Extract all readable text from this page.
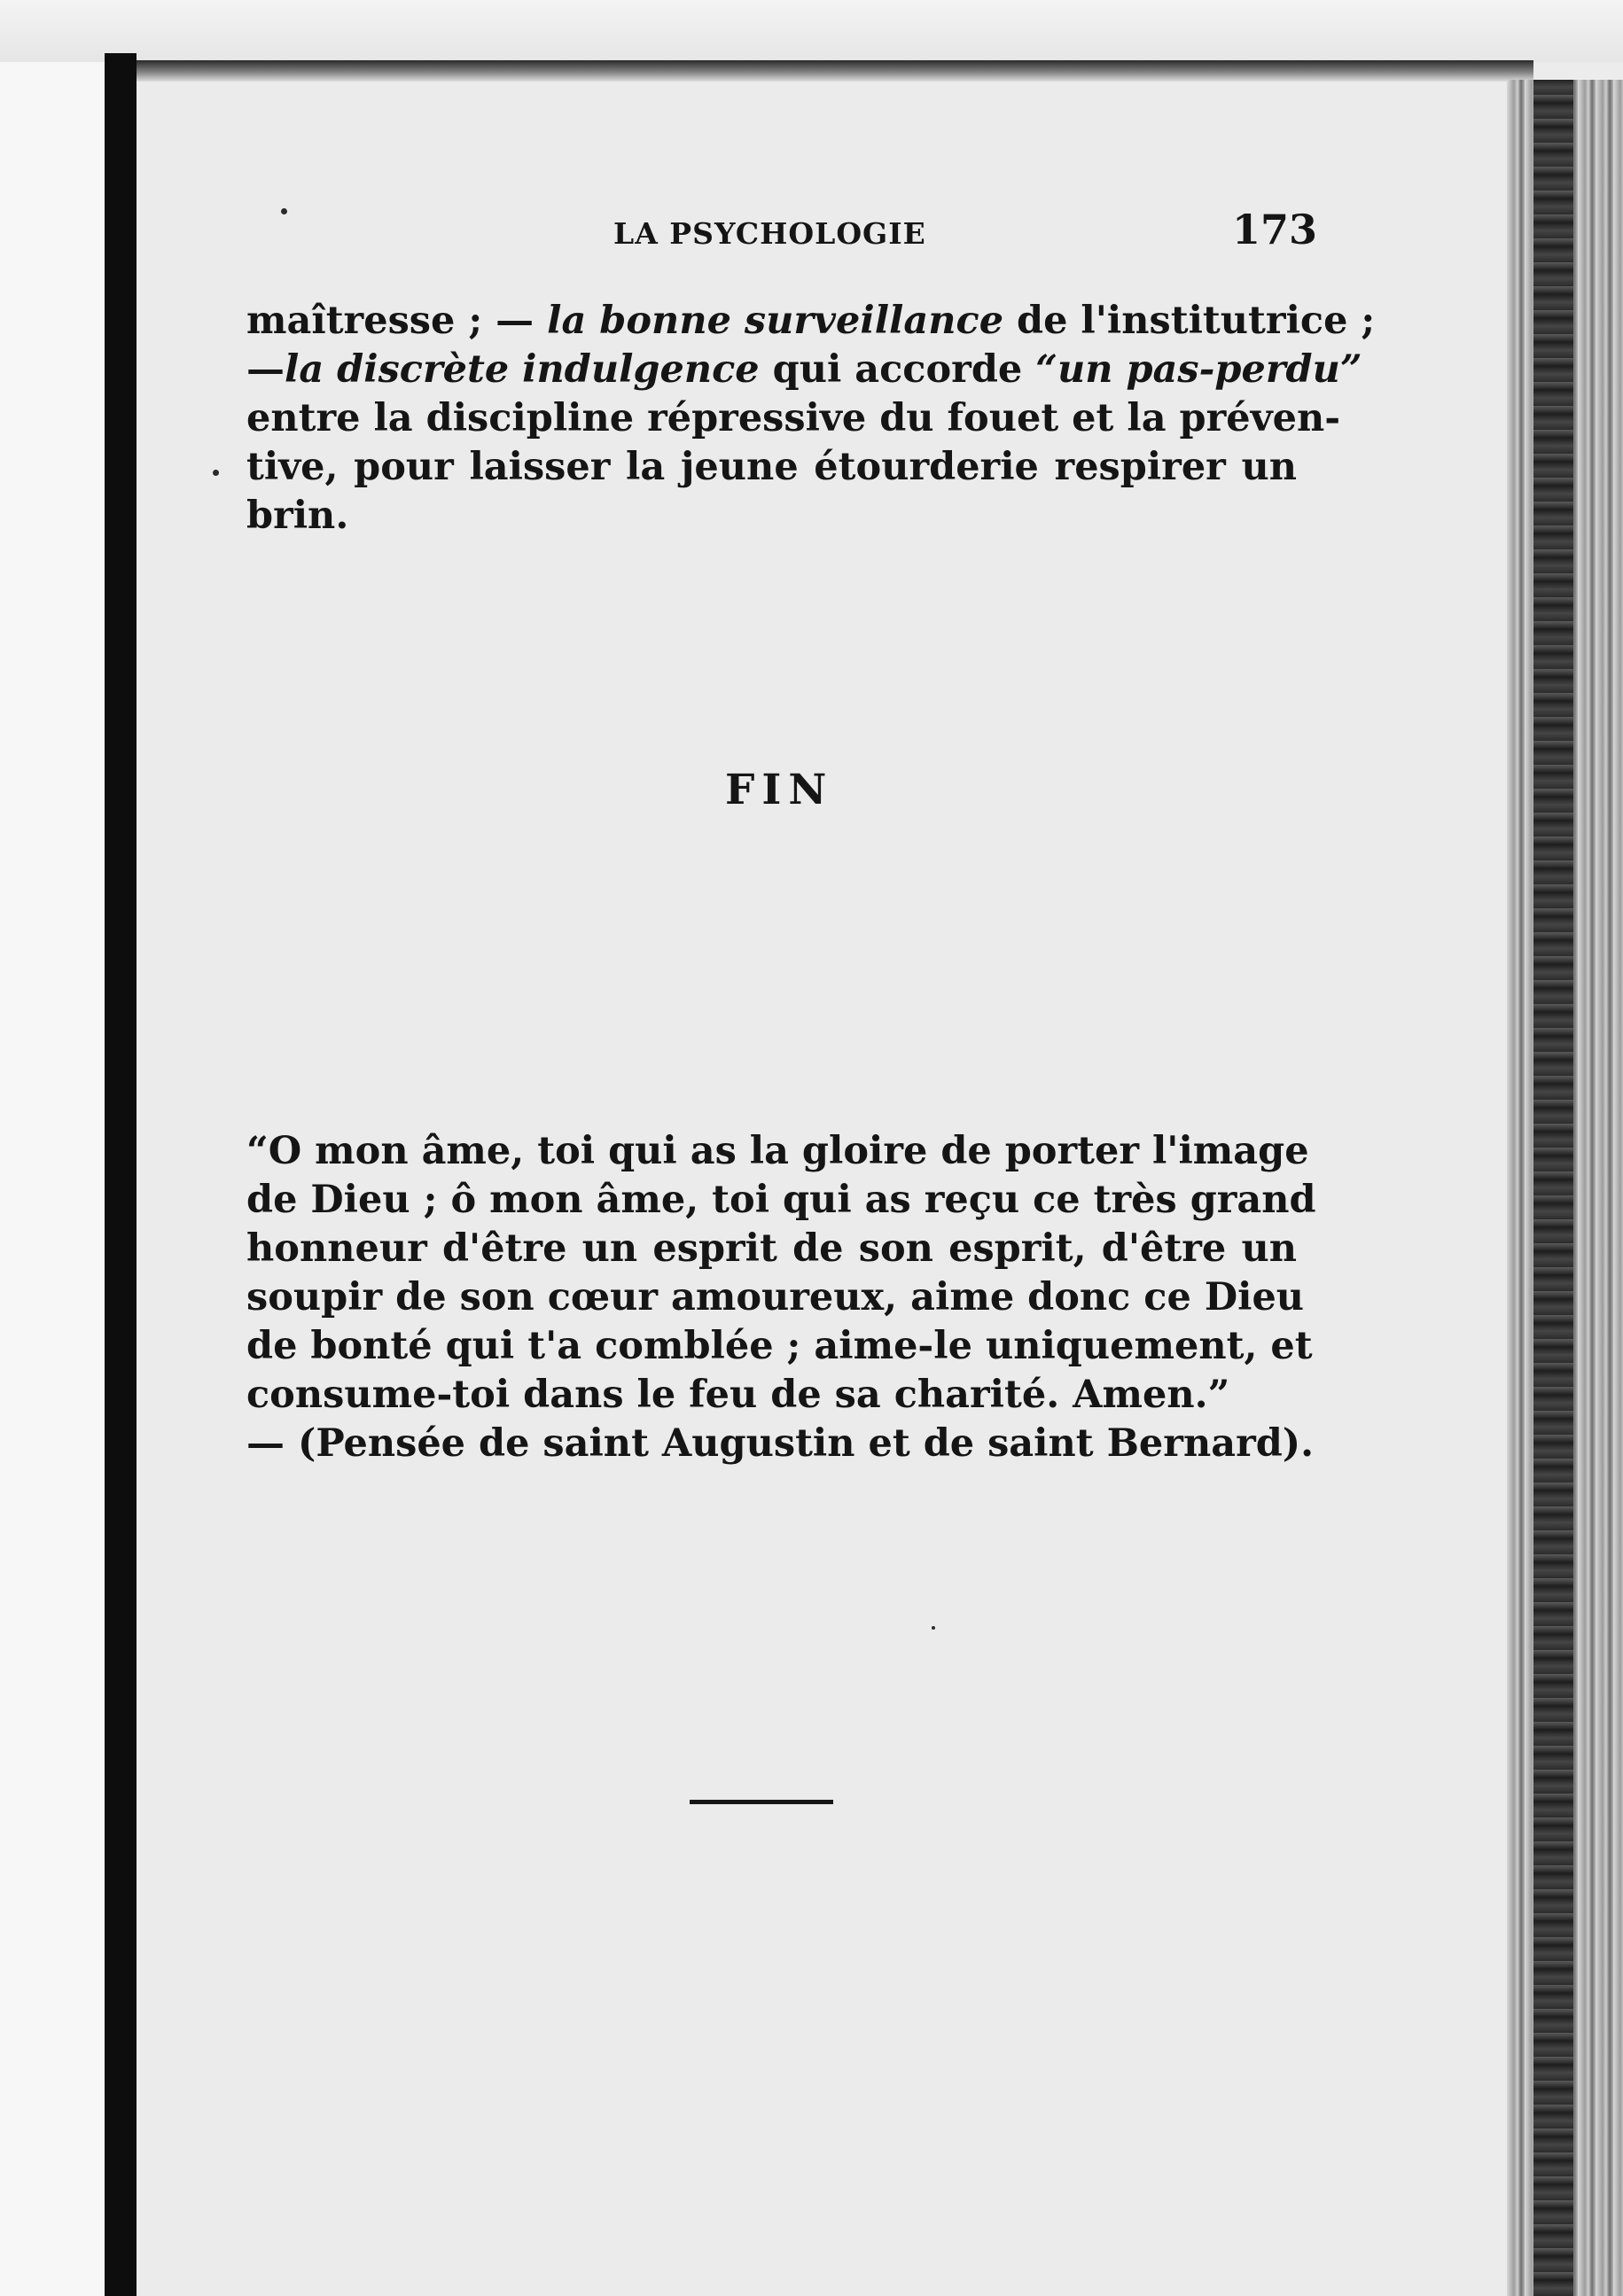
LA PSYCHOLOGIE	173
maîtresse ; — la bonne surveillance de l'institutrice ;
—la discrète indulgence qui accorde “un pas-perdu”
entre la discipline répressive du fouet et la préven-
tive, pour laisser la jeune étourderie respirer un
brin.
FIN
“O mon âme, toi qui as la gloire de porter l'image
de Dieu ; ô mon âme, toi qui as reçu ce très grand
honneur d'être un esprit de son esprit, d'être un
soupir de son cœur amoureux, aime donc ce Dieu
de bonté qui t'a comblée ; aime-le uniquement, et
consume-toi dans le feu de sa charité. Amen.”
— (Pensée de saint Augustin et de saint Bernard).
